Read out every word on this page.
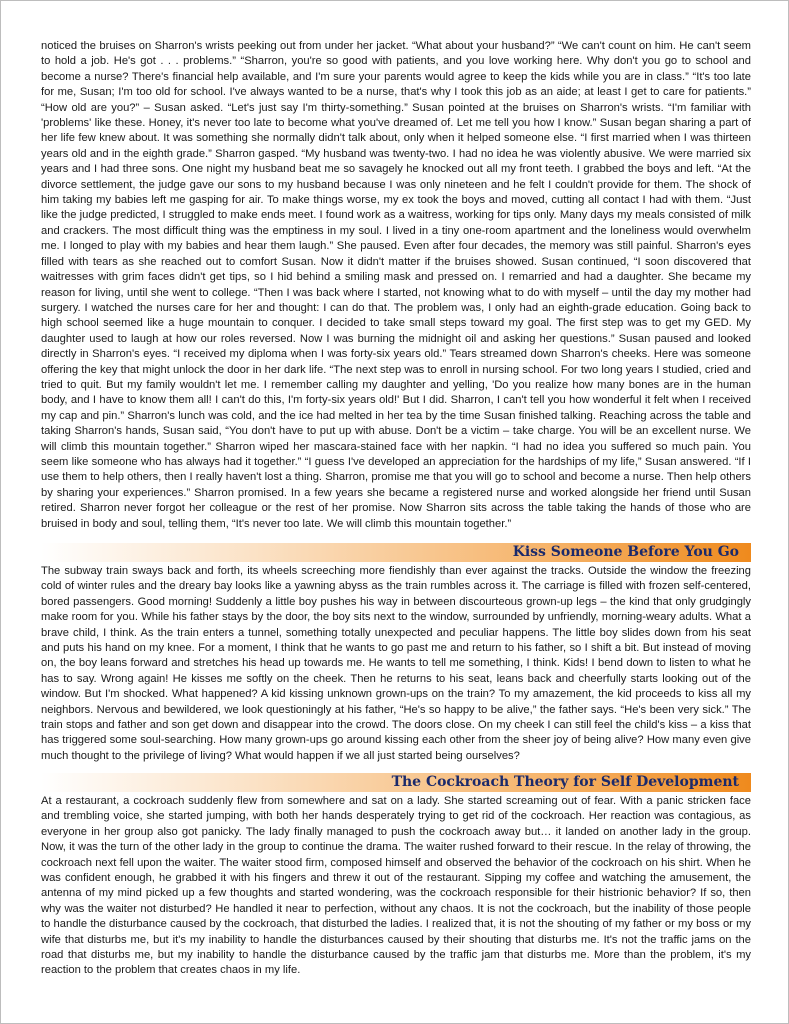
noticed the bruises on Sharron's wrists peeking out from under her jacket. “What about your husband?” “We can't count on him. He can't seem to hold a job. He's got . . . problems.” “Sharron, you're so good with patients, and you love working here. Why don't you go to school and become a nurse? There's financial help available, and I'm sure your parents would agree to keep the kids while you are in class.” “It's too late for me, Susan; I'm too old for school. I've always wanted to be a nurse, that's why I took this job as an aide; at least I get to care for patients.” “How old are you?” – Susan asked. “Let's just say I'm thirty-something.” Susan pointed at the bruises on Sharron's wrists. “I'm familiar with 'problems' like these. Honey, it's never too late to become what you've dreamed of. Let me tell you how I know.” Susan began sharing a part of her life few knew about. It was something she normally didn't talk about, only when it helped someone else. “I first married when I was thirteen years old and in the eighth grade.” Sharron gasped. “My husband was twenty-two. I had no idea he was violently abusive. We were married six years and I had three sons. One night my husband beat me so savagely he knocked out all my front teeth. I grabbed the boys and left. “At the divorce settlement, the judge gave our sons to my husband because I was only nineteen and he felt I couldn't provide for them. The shock of him taking my babies left me gasping for air. To make things worse, my ex took the boys and moved, cutting all contact I had with them. “Just like the judge predicted, I struggled to make ends meet. I found work as a waitress, working for tips only. Many days my meals consisted of milk and crackers. The most difficult thing was the emptiness in my soul. I lived in a tiny one-room apartment and the loneliness would overwhelm me. I longed to play with my babies and hear them laugh.” She paused. Even after four decades, the memory was still painful. Sharron's eyes filled with tears as she reached out to comfort Susan. Now it didn't matter if the bruises showed. Susan continued, “I soon discovered that waitresses with grim faces didn't get tips, so I hid behind a smiling mask and pressed on. I remarried and had a daughter. She became my reason for living, until she went to college. “Then I was back where I started, not knowing what to do with myself – until the day my mother had surgery. I watched the nurses care for her and thought: I can do that. The problem was, I only had an eighth-grade education. Going back to high school seemed like a huge mountain to conquer. I decided to take small steps toward my goal. The first step was to get my GED. My daughter used to laugh at how our roles reversed. Now I was burning the midnight oil and asking her questions.” Susan paused and looked directly in Sharron's eyes. “I received my diploma when I was forty-six years old.” Tears streamed down Sharron's cheeks. Here was someone offering the key that might unlock the door in her dark life. “The next step was to enroll in nursing school. For two long years I studied, cried and tried to quit. But my family wouldn't let me. I remember calling my daughter and yelling, 'Do you realize how many bones are in the human body, and I have to know them all! I can't do this, I'm forty-six years old!' But I did. Sharron, I can't tell you how wonderful it felt when I received my cap and pin.” Sharron's lunch was cold, and the ice had melted in her tea by the time Susan finished talking. Reaching across the table and taking Sharron's hands, Susan said, “You don't have to put up with abuse. Don't be a victim – take charge. You will be an excellent nurse. We will climb this mountain together.” Sharron wiped her mascara-stained face with her napkin. “I had no idea you suffered so much pain. You seem like someone who has always had it together.” “I guess I've developed an appreciation for the hardships of my life,” Susan answered. “If I use them to help others, then I really haven't lost a thing. Sharron, promise me that you will go to school and become a nurse. Then help others by sharing your experiences.” Sharron promised. In a few years she became a registered nurse and worked alongside her friend until Susan retired. Sharron never forgot her colleague or the rest of her promise. Now Sharron sits across the table taking the hands of those who are bruised in body and soul, telling them, “It's never too late. We will climb this mountain together.”

Kiss Someone Before You Go

The subway train sways back and forth, its wheels screeching more fiendishly than ever against the tracks. Outside the window the freezing cold of winter rules and the dreary bay looks like a yawning abyss as the train rumbles across it. The carriage is filled with frozen self-centered, bored passengers. Good morning! Suddenly a little boy pushes his way in between discourteous grown-up legs – the kind that only grudgingly make room for you. While his father stays by the door, the boy sits next to the window, surrounded by unfriendly, morning-weary adults. What a brave child, I think. As the train enters a tunnel, something totally unexpected and peculiar happens. The little boy slides down from his seat and puts his hand on my knee. For a moment, I think that he wants to go past me and return to his father, so I shift a bit. But instead of moving on, the boy leans forward and stretches his head up towards me. He wants to tell me something, I think. Kids! I bend down to listen to what he has to say. Wrong again! He kisses me softly on the cheek. Then he returns to his seat, leans back and cheerfully starts looking out of the window. But I'm shocked. What happened? A kid kissing unknown grown-ups on the train? To my amazement, the kid proceeds to kiss all my neighbors. Nervous and bewildered, we look questioningly at his father, “He's so happy to be alive,” the father says. “He's been very sick.” The train stops and father and son get down and disappear into the crowd. The doors close. On my cheek I can still feel the child's kiss – a kiss that has triggered some soul-searching. How many grown-ups go around kissing each other from the sheer joy of being alive? How many even give much thought to the privilege of living? What would happen if we all just started being ourselves?

The Cockroach Theory for Self Development

At a restaurant, a cockroach suddenly flew from somewhere and sat on a lady. She started screaming out of fear. With a panic stricken face and trembling voice, she started jumping, with both her hands desperately trying to get rid of the cockroach. Her reaction was contagious, as everyone in her group also got panicky. The lady finally managed to push the cockroach away but… it landed on another lady in the group. Now, it was the turn of the other lady in the group to continue the drama. The waiter rushed forward to their rescue. In the relay of throwing, the cockroach next fell upon the waiter. The waiter stood firm, composed himself and observed the behavior of the cockroach on his shirt. When he was confident enough, he grabbed it with his fingers and threw it out of the restaurant. Sipping my coffee and watching the amusement, the antenna of my mind picked up a few thoughts and started wondering, was the cockroach responsible for their histrionic behavior? If so, then why was the waiter not disturbed? He handled it near to perfection, without any chaos. It is not the cockroach, but the inability of those people to handle the disturbance caused by the cockroach, that disturbed the ladies. I realized that, it is not the shouting of my father or my boss or my wife that disturbs me, but it's my inability to handle the disturbances caused by their shouting that disturbs me. It's not the traffic jams on the road that disturbs me, but my inability to handle the disturbance caused by the traffic jam that disturbs me. More than the problem, it's my reaction to the problem that creates chaos in my life.
